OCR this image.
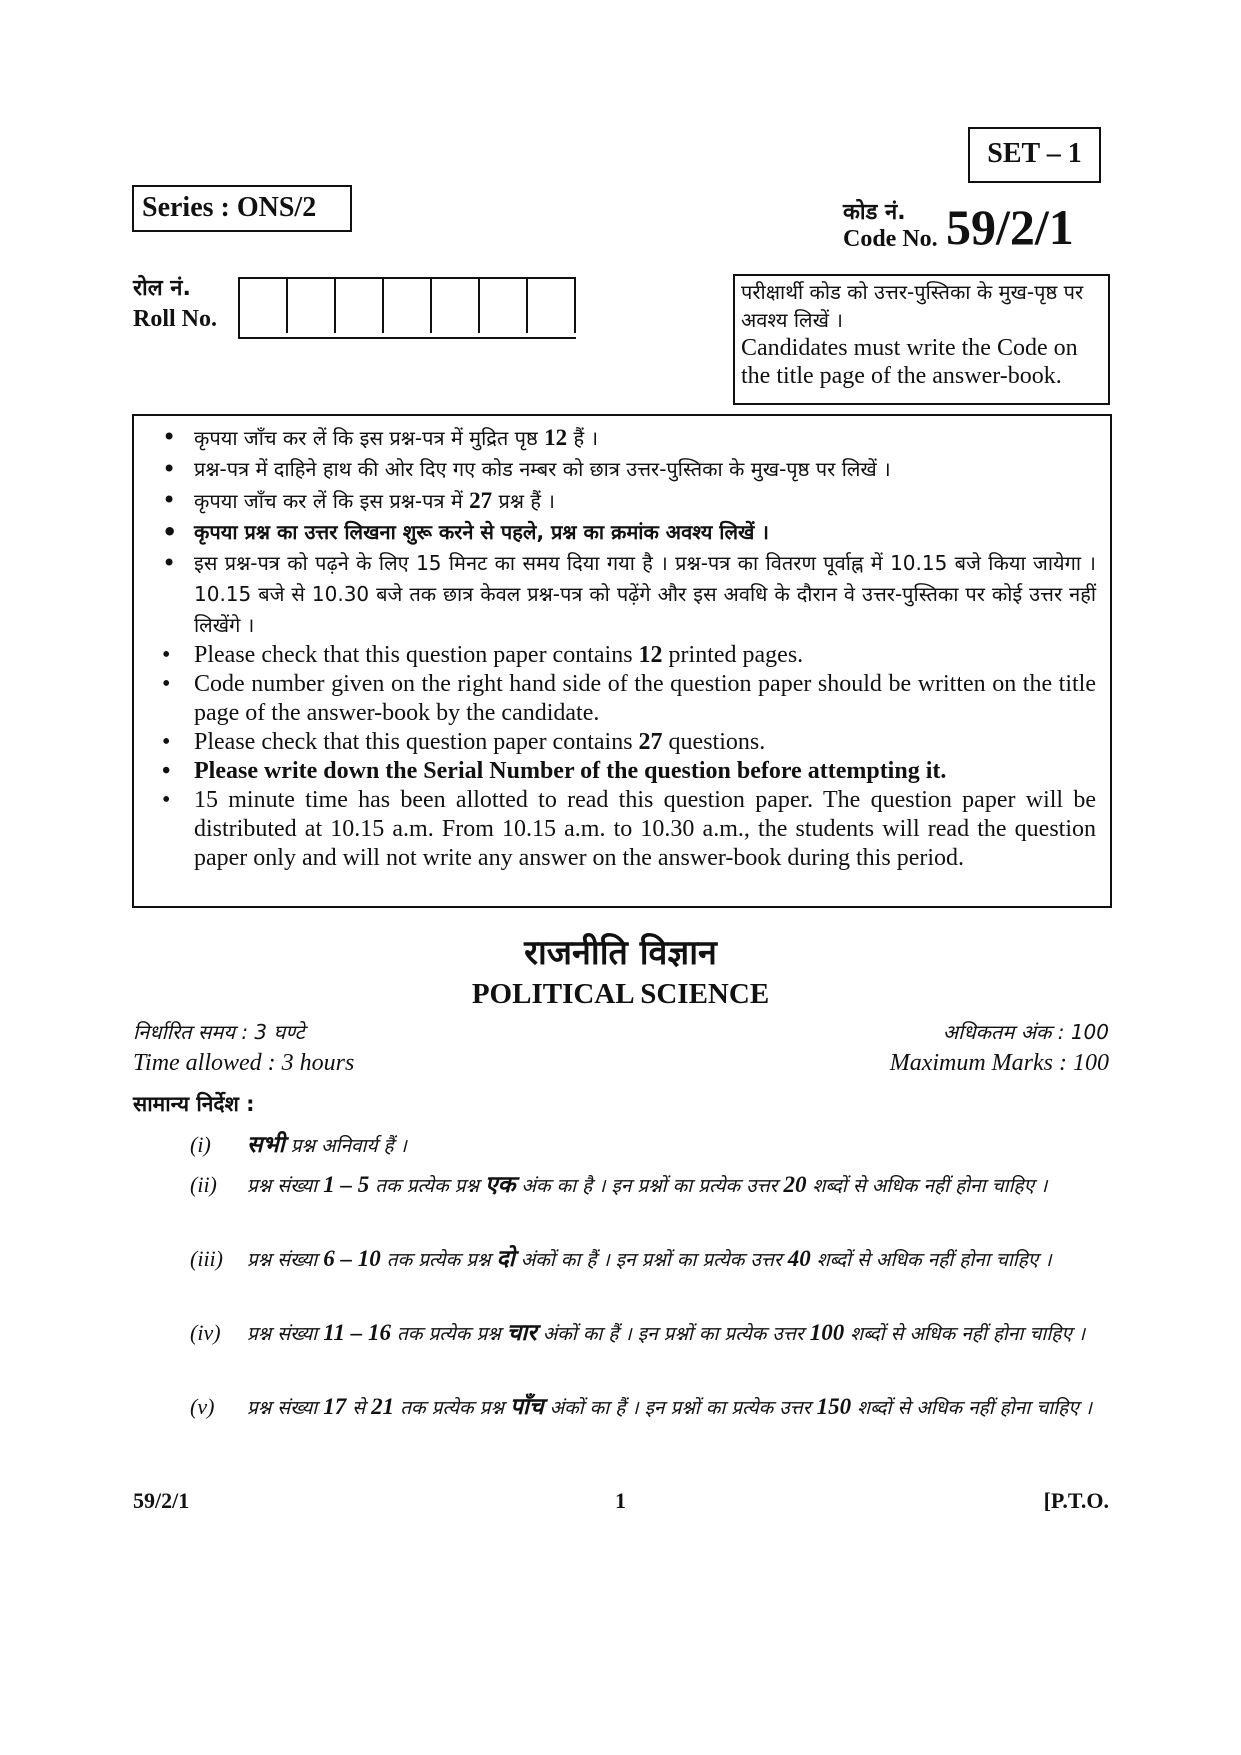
SET – 1
Series : ONS/2	कोड नं.
Code No. 59/2/1
रोल नं.
Roll No.
परीक्षार्थी कोड को उत्तर-पुस्तिका के मुख-पृष्ठ पर अवश्य लिखें ।
Candidates must write the Code on the title page of the answer-book.
• कृपया जाँच कर लें कि इस प्रश्न-पत्र में मुद्रित पृष्ठ 12 हैं ।
• प्रश्न-पत्र में दाहिने हाथ की ओर दिए गए कोड नम्बर को छात्र उत्तर-पुस्तिका के मुख-पृष्ठ पर लिखें ।
• कृपया जाँच कर लें कि इस प्रश्न-पत्र में 27 प्रश्न हैं ।
• कृपया प्रश्न का उत्तर लिखना शुरू करने से पहले, प्रश्न का क्रमांक अवश्य लिखें ।
• इस प्रश्न-पत्र को पढ़ने के लिए 15 मिनट का समय दिया गया है । प्रश्न-पत्र का वितरण पूर्वाह्न में 10.15 बजे किया जायेगा । 10.15 बजे से 10.30 बजे तक छात्र केवल प्रश्न-पत्र को पढ़ेंगे और इस अवधि के दौरान वे उत्तर-पुस्तिका पर कोई उत्तर नहीं लिखेंगे ।
• Please check that this question paper contains 12 printed pages.
• Code number given on the right hand side of the question paper should be written on the title page of the answer-book by the candidate.
• Please check that this question paper contains 27 questions.
• Please write down the Serial Number of the question before attempting it.
• 15 minute time has been allotted to read this question paper. The question paper will be distributed at 10.15 a.m. From 10.15 a.m. to 10.30 a.m., the students will read the question paper only and will not write any answer on the answer-book during this period.
राजनीति विज्ञान
POLITICAL SCIENCE
निर्धारित समय : 3 घण्टे
Time allowed : 3 hours
अधिकतम अंक : 100
Maximum Marks : 100
सामान्य निर्देश :
(i)	सभी प्रश्न अनिवार्य हैं ।
(ii)	प्रश्न संख्या 1 – 5 तक प्रत्येक प्रश्न एक अंक का है । इन प्रश्नों का प्रत्येक उत्तर 20 शब्दों से अधिक नहीं होना चाहिए ।
(iii)	प्रश्न संख्या 6 – 10 तक प्रत्येक प्रश्न दो अंकों का हैं । इन प्रश्नों का प्रत्येक उत्तर 40 शब्दों से अधिक नहीं होना चाहिए ।
(iv)	प्रश्न संख्या 11 – 16 तक प्रत्येक प्रश्न चार अंकों का हैं । इन प्रश्नों का प्रत्येक उत्तर 100 शब्दों से अधिक नहीं होना चाहिए ।
(v)	प्रश्न संख्या 17 से 21 तक प्रत्येक प्रश्न पाँच अंकों का हैं । इन प्रश्नों का प्रत्येक उत्तर 150 शब्दों से अधिक नहीं होना चाहिए ।
59/2/1	1	[P.T.O.
